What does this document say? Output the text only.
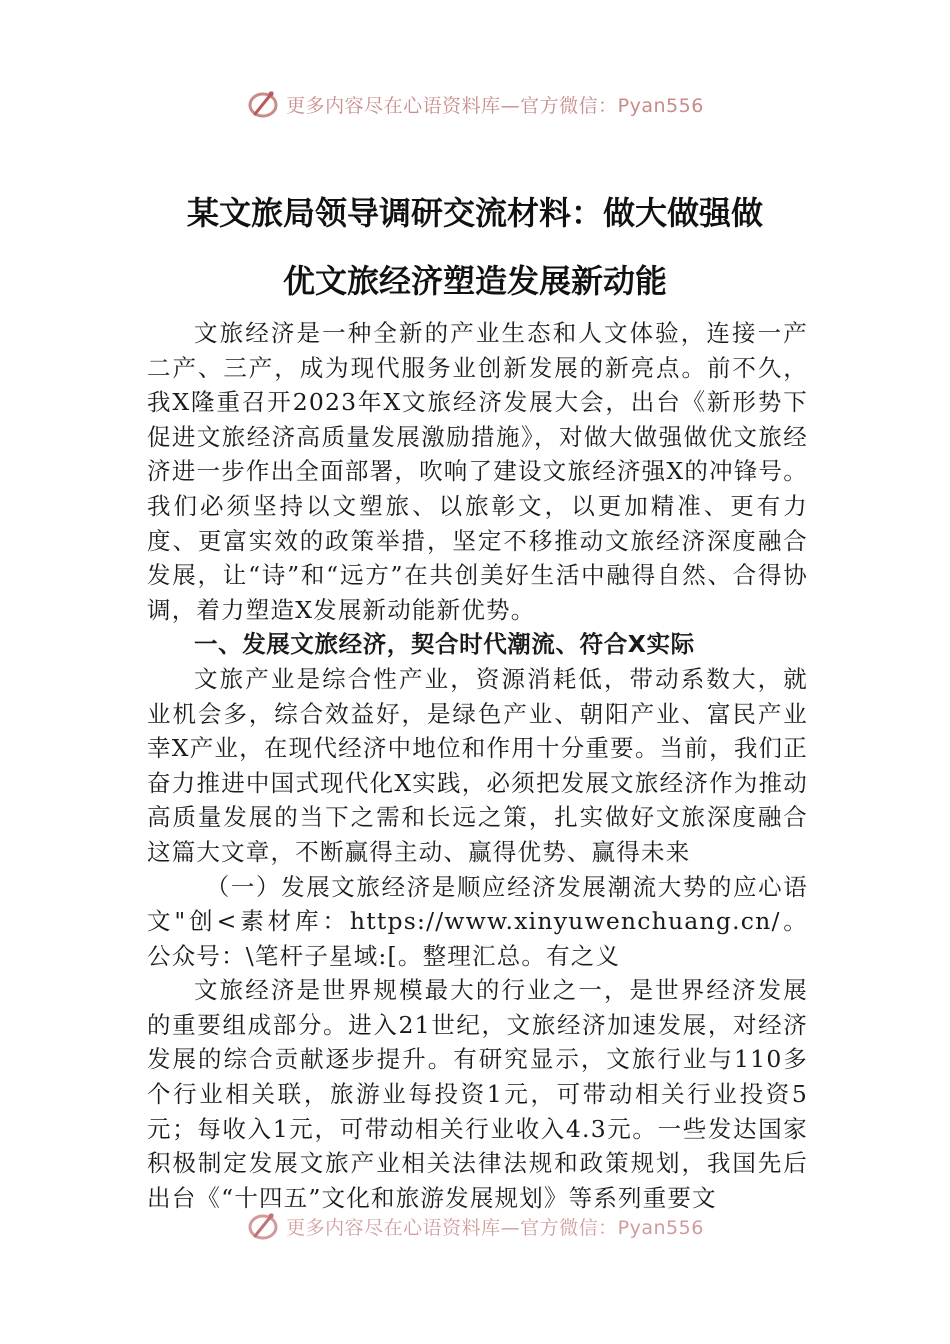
更多内容尽在心语资料库—官方微信：Pyan556
某文旅局领导调研交流材料：做大做强做
优文旅经济塑造发展新动能

文旅经济是一种全新的产业生态和人文体验，连接一产二产、三产，成为现代服务业创新发展的新亮点。前不久，我X隆重召开2023年X文旅经济发展大会，出台《新形势下促进文旅经济高质量发展激励措施》，对做大做强做优文旅经济进一步作出全面部署，吹响了建设文旅经济强X的冲锋号。我们必须坚持以文塑旅、以旅彰文，以更加精准、更有力度、更富实效的政策举措，坚定不移推动文旅经济深度融合发展，让“诗”和“远方”在共创美好生活中融得自然、合得协调，着力塑造X发展新动能新优势。

一、发展文旅经济，契合时代潮流、符合X实际

文旅产业是综合性产业，资源消耗低，带动系数大，就业机会多，综合效益好，是绿色产业、朝阳产业、富民产业幸X产业，在现代经济中地位和作用十分重要。当前，我们正奋力推进中国式现代化X实践，必须把发展文旅经济作为推动高质量发展的当下之需和长远之策，扎实做好文旅深度融合这篇大文章，不断赢得主动、赢得优势、赢得未来

（一）发展文旅经济是顺应经济发展潮流大势的应心语文"创<素材库：https://www.xinyuwenchuang.cn/。公众号：\笔杆子星域:[。整理汇总。有之义

文旅经济是世界规模最大的行业之一，是世界经济发展的重要组成部分。进入21世纪，文旅经济加速发展，对经济发展的综合贡献逐步提升。有研究显示，文旅行业与110多个行业相关联，旅游业每投资1元，可带动相关行业投资5元；每收入1元，可带动相关行业收入4.3元。一些发达国家积极制定发展文旅产业相关法律法规和政策规划，我国先后出台《“十四五”文化和旅游发展规划》等系列重要文

更多内容尽在心语资料库—官方微信：Pyan556
